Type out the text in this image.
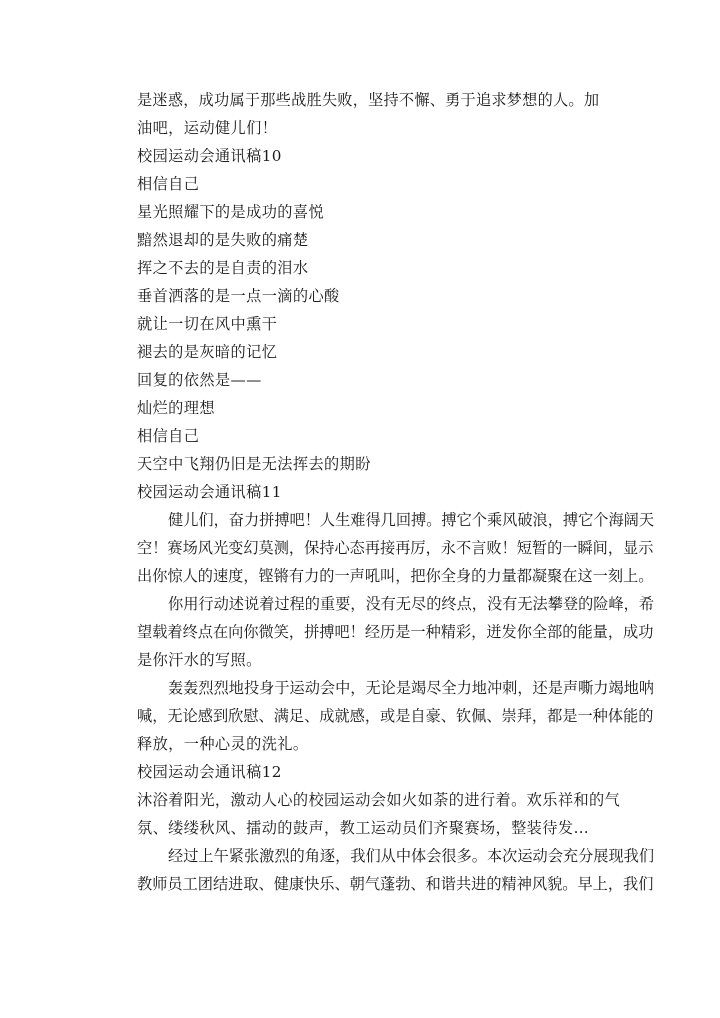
是迷惑，成功属于那些战胜失败，坚持不懈、勇于追求梦想的人。加
油吧，运动健儿们！
校园运动会通讯稿10
相信自己
星光照耀下的是成功的喜悦
黯然退却的是失败的痛楚
挥之不去的是自责的泪水
垂首洒落的是一点一滴的心酸
就让一切在风中熏干
褪去的是灰暗的记忆
回复的依然是——
灿烂的理想
相信自己
天空中飞翔仍旧是无法挥去的期盼
校园运动会通讯稿11
健儿们，奋力拼搏吧！人生难得几回搏。搏它个乘风破浪，搏它个海阔天
空！赛场风光变幻莫测，保持心态再接再厉，永不言败！短暂的一瞬间，显示
出你惊人的速度，铿锵有力的一声吼叫，把你全身的力量都凝聚在这一刻上。
你用行动述说着过程的重要，没有无尽的终点，没有无法攀登的险峰，希
望载着终点在向你微笑，拼搏吧！经历是一种精彩，迸发你全部的能量，成功
是你汗水的写照。
轰轰烈烈地投身于运动会中，无论是竭尽全力地冲刺，还是声嘶力竭地呐
喊，无论感到欣慰、满足、成就感，或是自豪、钦佩、崇拜，都是一种体能的
释放，一种心灵的洗礼。
校园运动会通讯稿12
沐浴着阳光，激动人心的校园运动会如火如荼的进行着。欢乐祥和的气
氛、缕缕秋风、擂动的鼓声，教工运动员们齐聚赛场，整装待发…
经过上午紧张激烈的角逐，我们从中体会很多。本次运动会充分展现我们
教师员工团结进取、健康快乐、朝气蓬勃、和谐共进的精神风貌。早上，我们
